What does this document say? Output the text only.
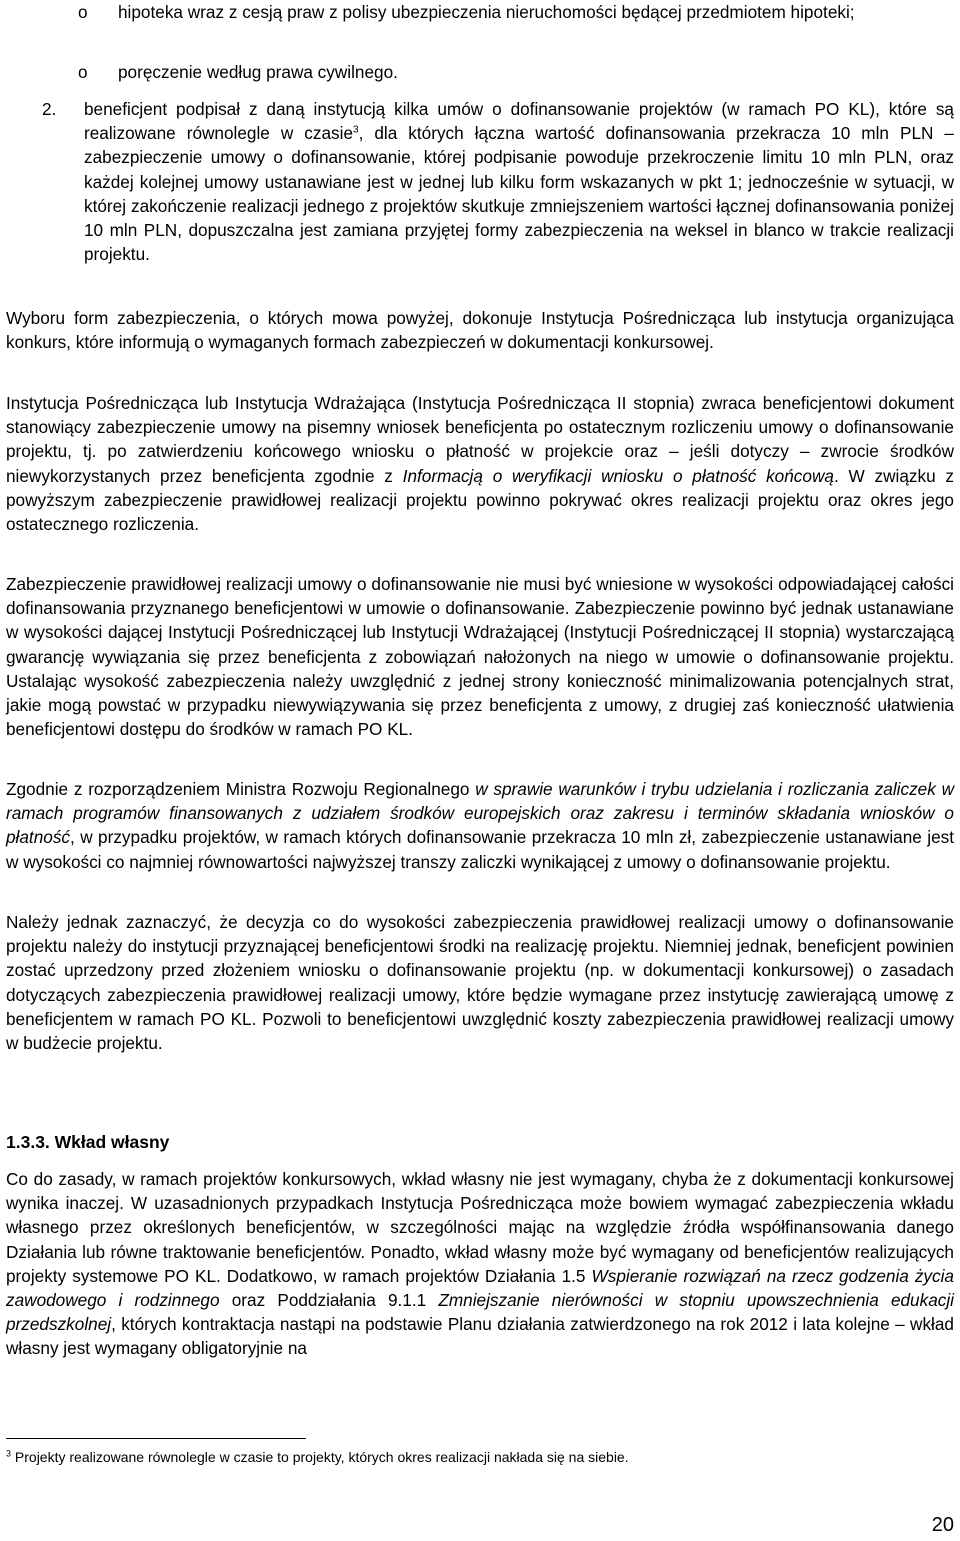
o hipoteka wraz z cesją praw z polisy ubezpieczenia nieruchomości będącej przedmiotem hipoteki;
o poręczenie według prawa cywilnego.
2. beneficjent podpisał z daną instytucją kilka umów o dofinansowanie projektów (w ramach PO KL), które są realizowane równolegle w czasie$^3$, dla których łączna wartość dofinansowania przekracza 10 mln PLN – zabezpieczenie umowy o dofinansowanie, której podpisanie powoduje przekroczenie limitu 10 mln PLN, oraz każdej kolejnej umowy ustanawiane jest w jednej lub kilku form wskazanych w pkt 1; jednocześnie w sytuacji, w której zakończenie realizacji jednego z projektów skutkuje zmniejszeniem wartości łącznej dofinansowania poniżej 10 mln PLN, dopuszczalna jest zamiana przyjętej formy zabezpieczenia na weksel in blanco w trakcie realizacji projektu.

Wyboru form zabezpieczenia, o których mowa powyżej, dokonuje Instytucja Pośrednicząca lub instytucja organizująca konkurs, które informują o wymaganych formach zabezpieczeń w dokumentacji konkursowej.

Instytucja Pośrednicząca lub Instytucja Wdrażająca (Instytucja Pośrednicząca II stopnia) zwraca beneficjentowi dokument stanowiący zabezpieczenie umowy na pisemny wniosek beneficjenta po ostatecznym rozliczeniu umowy o dofinansowanie projektu, tj. po zatwierdzeniu końcowego wniosku o płatność w projekcie oraz – jeśli dotyczy – zwrocie środków niewykorzystanych przez beneficjenta zgodnie z Informacją o weryfikacji wniosku o płatność końcową. W związku z powyższym zabezpieczenie prawidłowej realizacji projektu powinno pokrywać okres realizacji projektu oraz okres jego ostatecznego rozliczenia.

Zabezpieczenie prawidłowej realizacji umowy o dofinansowanie nie musi być wniesione w wysokości odpowiadającej całości dofinansowania przyznanego beneficjentowi w umowie o dofinansowanie. Zabezpieczenie powinno być jednak ustanawiane w wysokości dającej Instytucji Pośredniczącej lub Instytucji Wdrażającej (Instytucji Pośredniczącej II stopnia) wystarczającą gwarancję wywiązania się przez beneficjenta z zobowiązań nałożonych na niego w umowie o dofinansowanie projektu. Ustalając wysokość zabezpieczenia należy uwzględnić z jednej strony konieczność minimalizowania potencjalnych strat, jakie mogą powstać w przypadku niewywiązywania się przez beneficjenta z umowy, z drugiej zaś konieczność ułatwienia beneficjentowi dostępu do środków w ramach PO KL.

Zgodnie z rozporządzeniem Ministra Rozwoju Regionalnego w sprawie warunków i trybu udzielania i rozliczania zaliczek w ramach programów finansowanych z udziałem środków europejskich oraz zakresu i terminów składania wniosków o płatność, w przypadku projektów, w ramach których dofinansowanie przekracza 10 mln zł, zabezpieczenie ustanawiane jest w wysokości co najmniej równowartości najwyższej transzy zaliczki wynikającej z umowy o dofinansowanie projektu.

Należy jednak zaznaczyć, że decyzja co do wysokości zabezpieczenia prawidłowej realizacji umowy o dofinansowanie projektu należy do instytucji przyznającej beneficjentowi środki na realizację projektu. Niemniej jednak, beneficjent powinien zostać uprzedzony przed złożeniem wniosku o dofinansowanie projektu (np. w dokumentacji konkursowej) o zasadach dotyczących zabezpieczenia prawidłowej realizacji umowy, które będzie wymagane przez instytucję zawierającą umowę z beneficjentem w ramach PO KL. Pozwoli to beneficjentowi uwzględnić koszty zabezpieczenia prawidłowej realizacji umowy w budżecie projektu.

1.3.3. Wkład własny

Co do zasady, w ramach projektów konkursowych, wkład własny nie jest wymagany, chyba że z dokumentacji konkursowej wynika inaczej. W uzasadnionych przypadkach Instytucja Pośrednicząca może bowiem wymagać zabezpieczenia wkładu własnego przez określonych beneficjentów, w szczególności mając na względzie źródła współfinansowania danego Działania lub równe traktowanie beneficjentów. Ponadto, wkład własny może być wymagany od beneficjentów realizujących projekty systemowe PO KL. Dodatkowo, w ramach projektów Działania 1.5 Wspieranie rozwiązań na rzecz godzenia życia zawodowego i rodzinnego oraz Poddziałania 9.1.1 Zmniejszanie nierówności w stopniu upowszechnienia edukacji przedszkolnej, których kontraktacja nastąpi na podstawie Planu działania zatwierdzonego na rok 2012 i lata kolejne – wkład własny jest wymagany obligatoryjnie na

$^3$ Projekty realizowane równolegle w czasie to projekty, których okres realizacji nakłada się na siebie.
20
